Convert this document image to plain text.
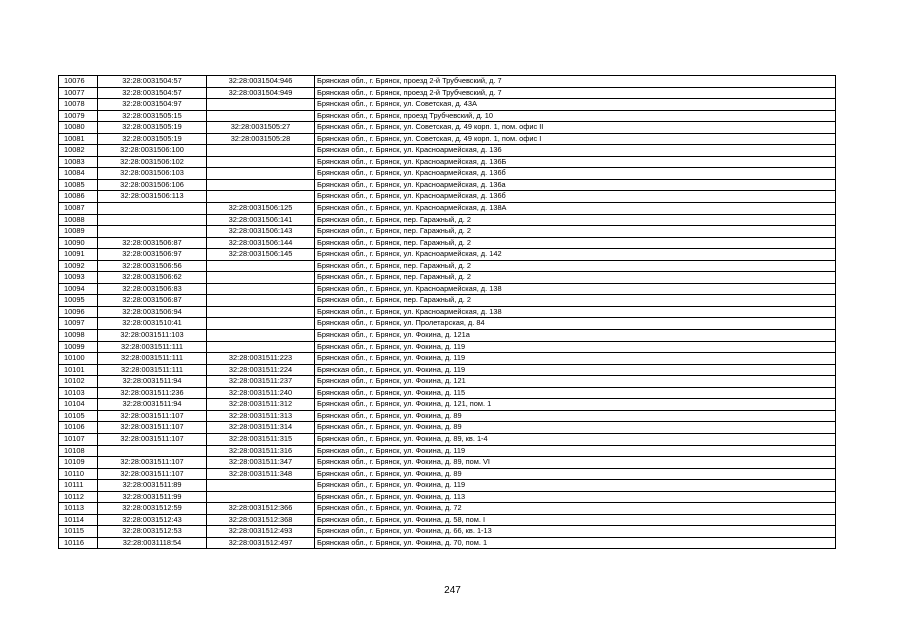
10076	32:28:0031504:57	32:28:0031504:946	Брянская обл., г. Брянск, проезд 2-й Трубчевский, д. 7
10077	32:28:0031504:57	32:28:0031504:949	Брянская обл., г. Брянск, проезд 2-й Трубчевский, д. 7
10078	32:28:0031504:97		Брянская обл., г. Брянск, ул. Советская, д. 43А
10079	32:28:0031505:15		Брянская обл., г. Брянск, проезд Трубчевский, д. 10
10080	32:28:0031505:19	32:28:0031505:27	Брянская обл., г. Брянск, ул. Советская, д. 49 корп. 1, пом. офис II
10081	32:28:0031505:19	32:28:0031505:28	Брянская обл., г. Брянск, ул. Советская, д. 49 корп. 1, пом. офис I
10082	32:28:0031506:100		Брянская обл., г. Брянск, ул. Красноармейская, д. 136
10083	32:28:0031506:102		Брянская обл., г. Брянск, ул. Красноармейская, д. 136Б
10084	32:28:0031506:103		Брянская обл., г. Брянск, ул. Красноармейская, д. 136б
10085	32:28:0031506:106		Брянская обл., г. Брянск, ул. Красноармейская, д. 136а
10086	32:28:0031506:113		Брянская обл., г. Брянск, ул. Красноармейская, д. 136б
10087		32:28:0031506:125	Брянская обл., г. Брянск, ул. Красноармейская, д. 138А
10088		32:28:0031506:141	Брянская обл., г. Брянск, пер. Гаражный, д. 2
10089		32:28:0031506:143	Брянская обл., г. Брянск, пер. Гаражный, д. 2
10090	32:28:0031506:87	32:28:0031506:144	Брянская обл., г. Брянск, пер. Гаражный, д. 2
10091	32:28:0031506:97	32:28:0031506:145	Брянская обл., г. Брянск, ул. Красноармейская, д. 142
10092	32:28:0031506:56		Брянская обл., г. Брянск, пер. Гаражный, д. 2
10093	32:28:0031506:62		Брянская обл., г. Брянск, пер. Гаражный, д. 2
10094	32:28:0031506:83		Брянская обл., г. Брянск, ул. Красноармейская, д. 138
10095	32:28:0031506:87		Брянская обл., г. Брянск, пер. Гаражный, д. 2
10096	32:28:0031506:94		Брянская обл., г. Брянск, ул. Красноармейская, д. 138
10097	32:28:0031510:41		Брянская обл., г. Брянск, ул. Пролетарская, д. 84
10098	32:28:0031511:103		Брянская обл., г. Брянск, ул. Фокина, д. 121а
10099	32:28:0031511:111		Брянская обл., г. Брянск, ул. Фокина, д. 119
10100	32:28:0031511:111	32:28:0031511:223	Брянская обл., г. Брянск, ул. Фокина, д. 119
10101	32:28:0031511:111	32:28:0031511:224	Брянская обл., г. Брянск, ул. Фокина, д. 119
10102	32:28:0031511:94	32:28:0031511:237	Брянская обл., г. Брянск, ул. Фокина, д. 121
10103	32:28:0031511:236	32:28:0031511:240	Брянская обл., г. Брянск, ул. Фокина, д. 115
10104	32:28:0031511:94	32:28:0031511:312	Брянская обл., г. Брянск, ул. Фокина, д. 121, пом. 1
10105	32:28:0031511:107	32:28:0031511:313	Брянская обл., г. Брянск, ул. Фокина, д. 89
10106	32:28:0031511:107	32:28:0031511:314	Брянская обл., г. Брянск, ул. Фокина, д. 89
10107	32:28:0031511:107	32:28:0031511:315	Брянская обл., г. Брянск, ул. Фокина, д. 89, кв. 1-4
10108		32:28:0031511:316	Брянская обл., г. Брянск, ул. Фокина, д. 119
10109	32:28:0031511:107	32:28:0031511:347	Брянская обл., г. Брянск, ул. Фокина, д. 89, пом. VI
10110	32:28:0031511:107	32:28:0031511:348	Брянская обл., г. Брянск, ул. Фокина, д. 89
10111	32:28:0031511:89		Брянская обл., г. Брянск, ул. Фокина, д. 119
10112	32:28:0031511:99		Брянская обл., г. Брянск, ул. Фокина, д. 113
10113	32:28:0031512:59	32:28:0031512:366	Брянская обл., г. Брянск, ул. Фокина, д. 72
10114	32:28:0031512:43	32:28:0031512:368	Брянская обл., г. Брянск, ул. Фокина, д. 58, пом. I
10115	32:28:0031512:53	32:28:0031512:493	Брянская обл., г. Брянск, ул. Фокина, д. 66, кв. 1-13
10116	32:28:0031118:54	32:28:0031512:497	Брянская обл., г. Брянск, ул. Фокина, д. 70, пом. 1
247
